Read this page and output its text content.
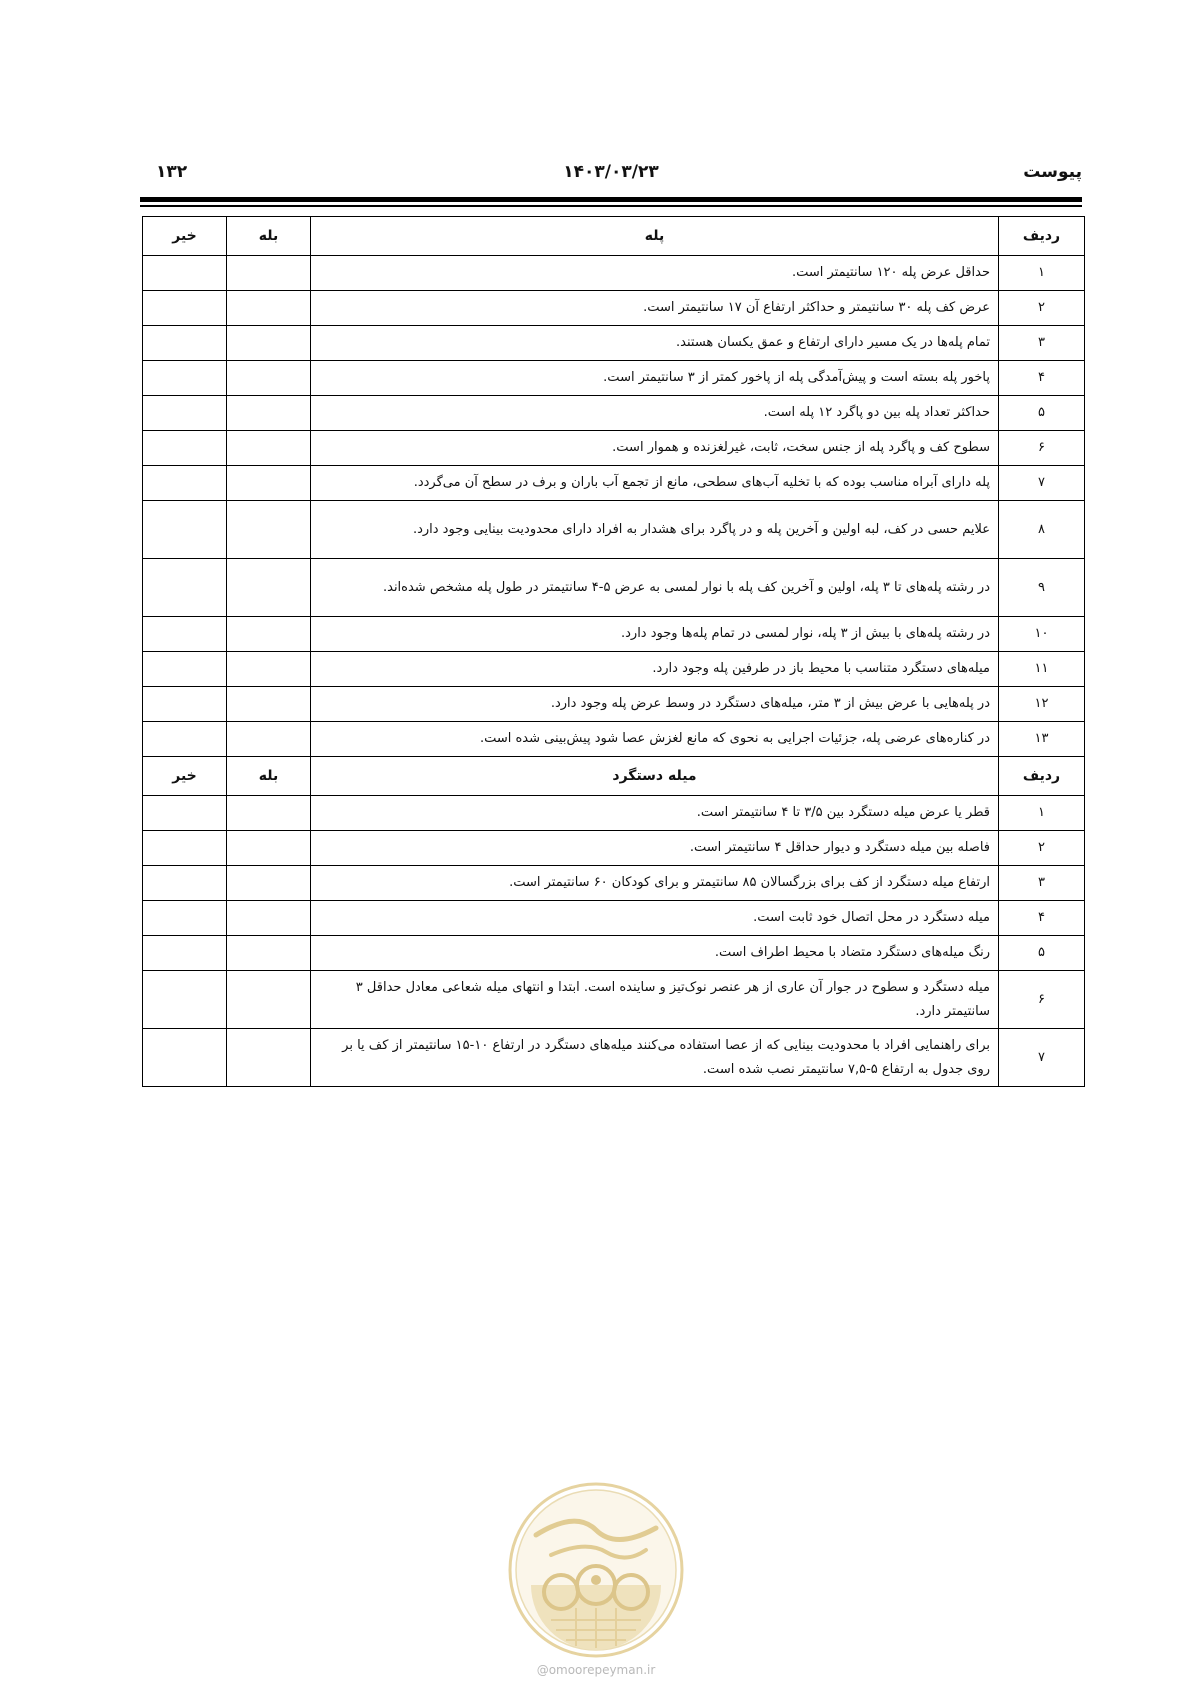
پیوست
۱۴۰۳/۰۳/۲۳
۱۳۲
ردیف	پله	بله	خیر
۱	حداقل عرض پله ۱۲۰ سانتیمتر است.		
۲	عرض کف پله ۳۰ سانتیمتر و حداکثر ارتفاع آن ۱۷ سانتیمتر است.		
۳	تمام پله‌ها در یک مسیر دارای ارتفاع و عمق یکسان هستند.		
۴	پاخور پله بسته است و پیش‌آمدگی پله از پاخور کمتر از ۳ سانتیمتر است.		
۵	حداکثر تعداد پله بین دو پاگرد ۱۲ پله است.		
۶	سطوح کف و پاگرد پله از جنس سخت، ثابت، غیرلغزنده و هموار است.		
۷	پله دارای آبراه مناسب بوده که با تخلیه آب‌های سطحی، مانع از تجمع آب باران و برف در سطح آن می‌گردد.		
۸	علایم حسی در کف، لبه اولین و آخرین پله و در پاگرد برای هشدار به افراد دارای محدودیت بینایی وجود دارد.		
۹	در رشته پله‌های تا ۳ پله، اولین و آخرین کف پله با نوار لمسی به عرض ۵-۴ سانتیمتر در طول پله مشخص شده‌اند.		
۱۰	در رشته پله‌های با بیش از ۳ پله، نوار لمسی در تمام پله‌ها وجود دارد.		
۱۱	میله‌های دستگرد متناسب با محیط باز در طرفین پله وجود دارد.		
۱۲	در پله‌هایی با عرض بیش از ۳ متر، میله‌های دستگرد در وسط عرض پله وجود دارد.		
۱۳	در کناره‌های عرضی پله، جزئیات اجرایی به نحوی که مانع لغزش عصا شود پیش‌بینی شده است.		
ردیف	میله دستگرد	بله	خیر
۱	قطر یا عرض میله دستگرد بین ۳/۵ تا ۴ سانتیمتر است.		
۲	فاصله بین میله دستگرد و دیوار حداقل ۴ سانتیمتر است.		
۳	ارتفاع میله دستگرد از کف برای بزرگسالان ۸۵ سانتیمتر و برای کودکان ۶۰ سانتیمتر است.		
۴	میله دستگرد در محل اتصال خود ثابت است.		
۵	رنگ میله‌های دستگرد متضاد با محیط اطراف است.		
۶	میله دستگرد و سطوح در جوار آن عاری از هر عنصر نوک‌تیز و ساینده است. ابتدا و انتهای میله شعاعی معادل حداقل ۳ سانتیمتر دارد.		
۷	برای راهنمایی افراد با محدودیت بینایی که از عصا استفاده می‌کنند میله‌های دستگرد در ارتفاع ۱۰-۱۵ سانتیمتر از کف یا بر روی جدول به ارتفاع ۵-۷,۵ سانتیمتر نصب شده است.		
@omoorepeyman.ir
